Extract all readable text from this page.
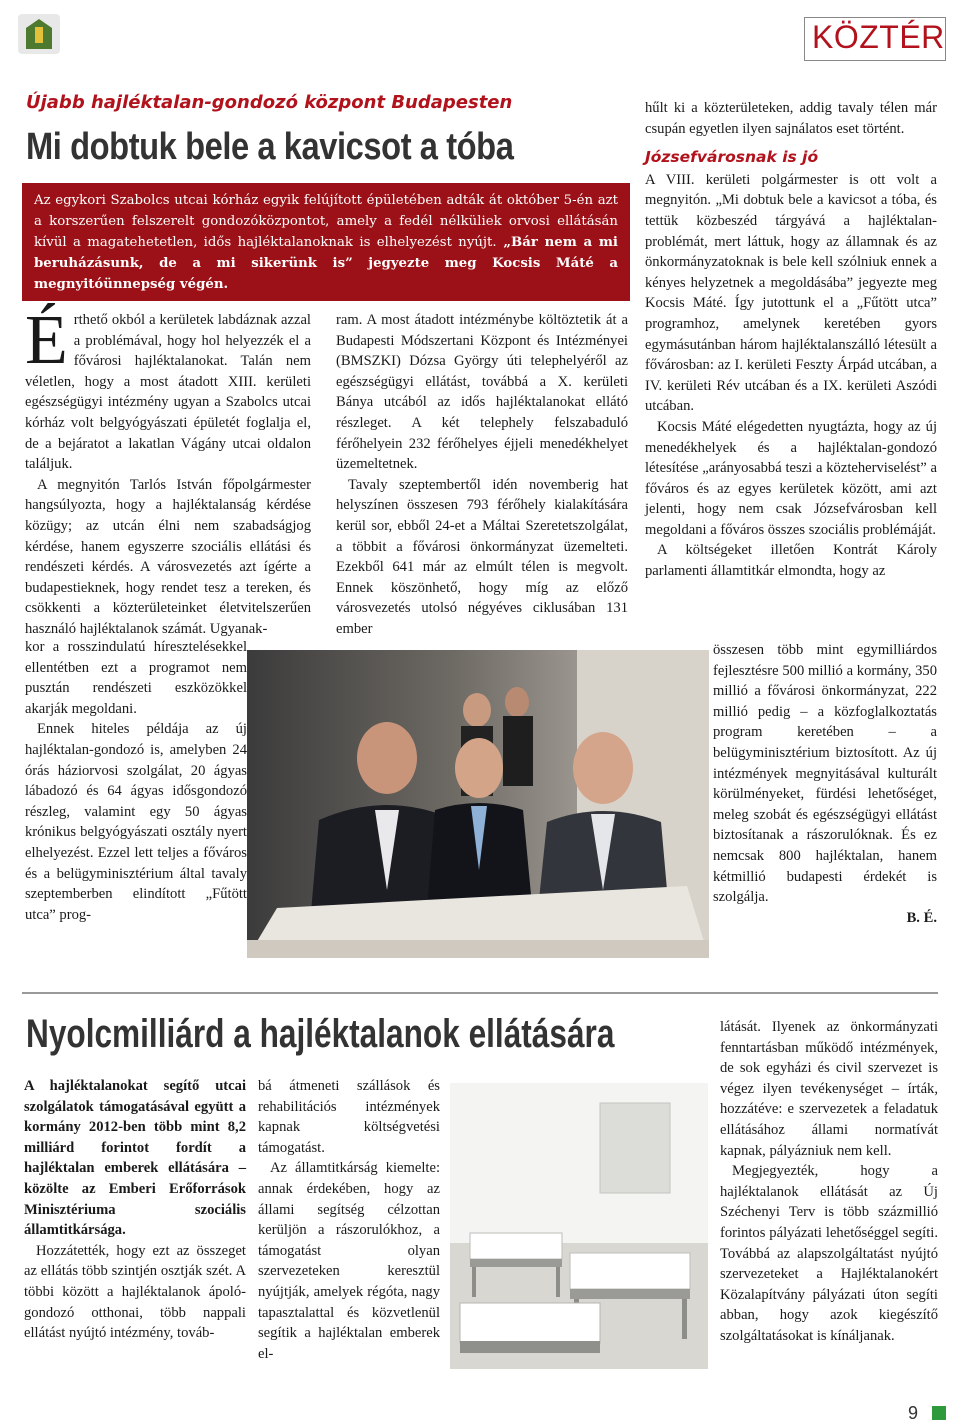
KÖZTÉR
Újabb hajléktalan-gondozó központ Budapesten
Mi dobtuk bele a kavicsot a tóba
Az egykori Szabolcs utcai kórház egyik felújított épületében adták át október 5-én azt a korszerűen felszerelt gondozóközpontot, amely a fedél nélküliek orvosi ellátásán kívül a magatehetetlen, idős hajléktalanoknak is elhelyezést nyújt. „Bár nem a mi beruházásunk, de a mi sikerünk is” jegyezte meg Kocsis Máté a megnyitóünnepség végén.

Érthető okból a kerületek labdáznak azzal a problémával, hogy hol helyezzék el a fővárosi hajléktalanokat. Talán nem véletlen, hogy a most átadott XIII. kerületi egészségügyi intézmény ugyan a Szabolcs utcai kórház volt belgyógyászati épületét foglalja el, de a bejáratot a lakatlan Vágány utcai oldalon találjuk.

A megnyitón Tarlós István főpolgármester hangsúlyozta, hogy a hajléktalanság kérdése közügy; az utcán élni nem szabadságjog kérdése, hanem egyszerre szociális ellátási és rendészeti kérdés. A városvezetés azt ígérte a budapestieknek, hogy rendet tesz a tereken, és csökkenti a közterületeinket életvitelszerűen használó hajléktalanok számát. Ugyanak-

kor a rosszindulatú híresztelésekkel ellentétben ezt a programot nem pusztán rendészeti eszközökkel akarják megoldani.

Ennek hiteles példája az új hajléktalan-gondozó is, amelyben 24 órás háziorvosi szolgálat, 20 ágyas lábadozó és 64 ágyas idősgondozó részleg, valamint egy 50 ágyas krónikus belgyógyászati osztály nyert elhelyezést. Ezzel lett teljes a főváros és a belügyminisztérium által tavaly szeptemberben elindított „Fűtött utca” prog-

ram. A most átadott intézménybe költöztetik át a Budapesti Módszertani Központ és Intézményei (BMSZKI) Dózsa György úti telephelyéről az egészségügyi ellátást, továbbá a X. kerületi Bánya utcából az idős hajléktalanokat ellátó részleget. A két telephely felszabaduló férőhelyein 232 férőhelyes éjjeli menedékhelyet üzemeltetnek.

Tavaly szeptembertől idén novemberig hat helyszínen összesen 793 férőhely kialakítására kerül sor, ebből 24-et a Máltai Szeretetszolgálat, a többit a fővárosi önkormányzat üzemelteti. Ezekből 641 már az elmúlt télen is megvolt. Ennek köszönhető, hogy míg az előző városvezetés utolsó négyéves ciklusában 131 ember

hűlt ki a közterületeken, addig tavaly télen már csupán egyetlen ilyen sajnálatos eset történt.

Józsefvárosnak is jó

A VIII. kerületi polgármester is ott volt a megnyitón. „Mi dobtuk bele a kavicsot a tóba, és tettük közbeszéd tárgyává a hajléktalan-problémát, mert láttuk, hogy az államnak és az önkormányzatoknak is bele kell szólniuk ennek a kényes helyzetnek a megoldásába” jegyezte meg Kocsis Máté. Így jutottunk el a „Fűtött utca” programhoz, amelynek keretében gyors egymásutánban három hajléktalanszálló létesült a fővárosban: az I. kerületi Feszty Árpád utcában, a IV. kerületi Rév utcában és a IX. kerületi Aszódi utcában.

Kocsis Máté elégedetten nyugtázta, hogy az új menedékhelyek és a hajléktalan-gondozó létesítése „arányosabbá teszi a közteherviselést” a főváros és az egyes kerületek között, ami azt jelenti, hogy nem csak Józsefvárosban kell megoldani a főváros összes szociális problémáját.

A költségeket illetően Kontrát Károly parlamenti államtitkár elmondta, hogy az

összesen több mint egymilliárdos fejlesztésre 500 millió a kormány, 350 millió a fővárosi önkormányzat, 222 millió pedig – a közfoglalkoztatás program keretében – a belügyminisztérium biztosított. Az új intézmények megnyitásával kulturált körülményeket, fürdési lehetőséget, meleg szobát és egészségügyi ellátást biztosítanak a rászorulóknak. És ez nemcsak 800 hajléktalan, hanem kétmillió budapesti érdekét is szolgálja.

B. É.

Nyolcmilliárd a hajléktalanok ellátására

A hajléktalanokat segítő utcai szolgálatok támogatásával együtt a kormány 2012-ben több mint 8,2 milliárd forintot fordít a hajléktalan emberek ellátására – közölte az Emberi Erőforrások Minisztériuma szociális államtitkársága.

Hozzátették, hogy ezt az összeget az ellátás több szintjén osztják szét. A többi között a hajléktalanok ápoló-gondozó otthonai, több nappali ellátást nyújtó intézmény, továb-

bá átmeneti szállások és rehabilitációs intézmények kapnak költségvetési támogatást.

Az államtitkárság kiemelte: annak érdekében, hogy az állami segítség célzottan kerüljön a rászorulókhoz, a támogatást olyan szervezeteken keresztül nyújtják, amelyek régóta, nagy tapasztalattal és közvetlenül segítik a hajléktalan emberek el-

látását. Ilyenek az önkormányzati fenntartásban működő intézmények, de sok egyházi és civil szervezet is végez ilyen tevékenységet – írták, hozzátéve: e szervezetek a feladatuk ellátásához állami normatívát kapnak, pályázniuk nem kell.

Megjegyezték, hogy a hajléktalanok ellátását az Új Széchenyi Terv is több százmillió forintos pályázati lehetőséggel segíti. Továbbá az alapszolgáltatást nyújtó szervezeteket a Hajléktalanokért Közalapítvány pályázati úton segíti abban, hogy azok kiegészítő szolgáltatásokat is kínáljanak.

9
